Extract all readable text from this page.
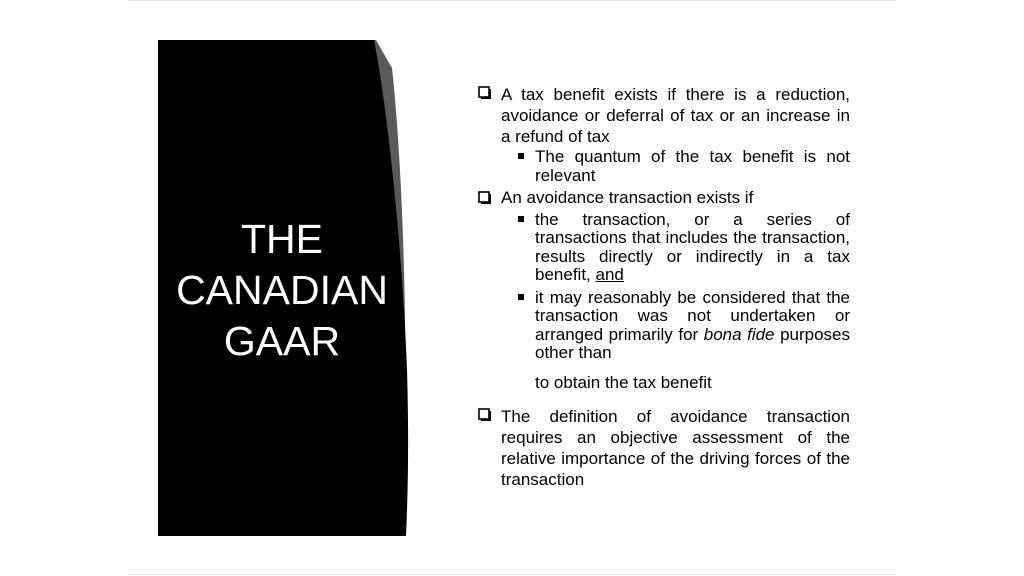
THE
CANADIAN
GAAR
A tax benefit exists if there is a reduction, avoidance or deferral of tax or an increase in a refund of tax
The quantum of the tax benefit is not relevant
An avoidance transaction exists if
the transaction, or a series of transactions that includes the transaction, results directly or indirectly in a tax benefit, and
it may reasonably be considered that the transaction was not undertaken or arranged primarily for bona fide purposes other than
to obtain the tax benefit
The definition of avoidance transaction requires an objective assessment of the relative importance of the driving forces of the transaction
